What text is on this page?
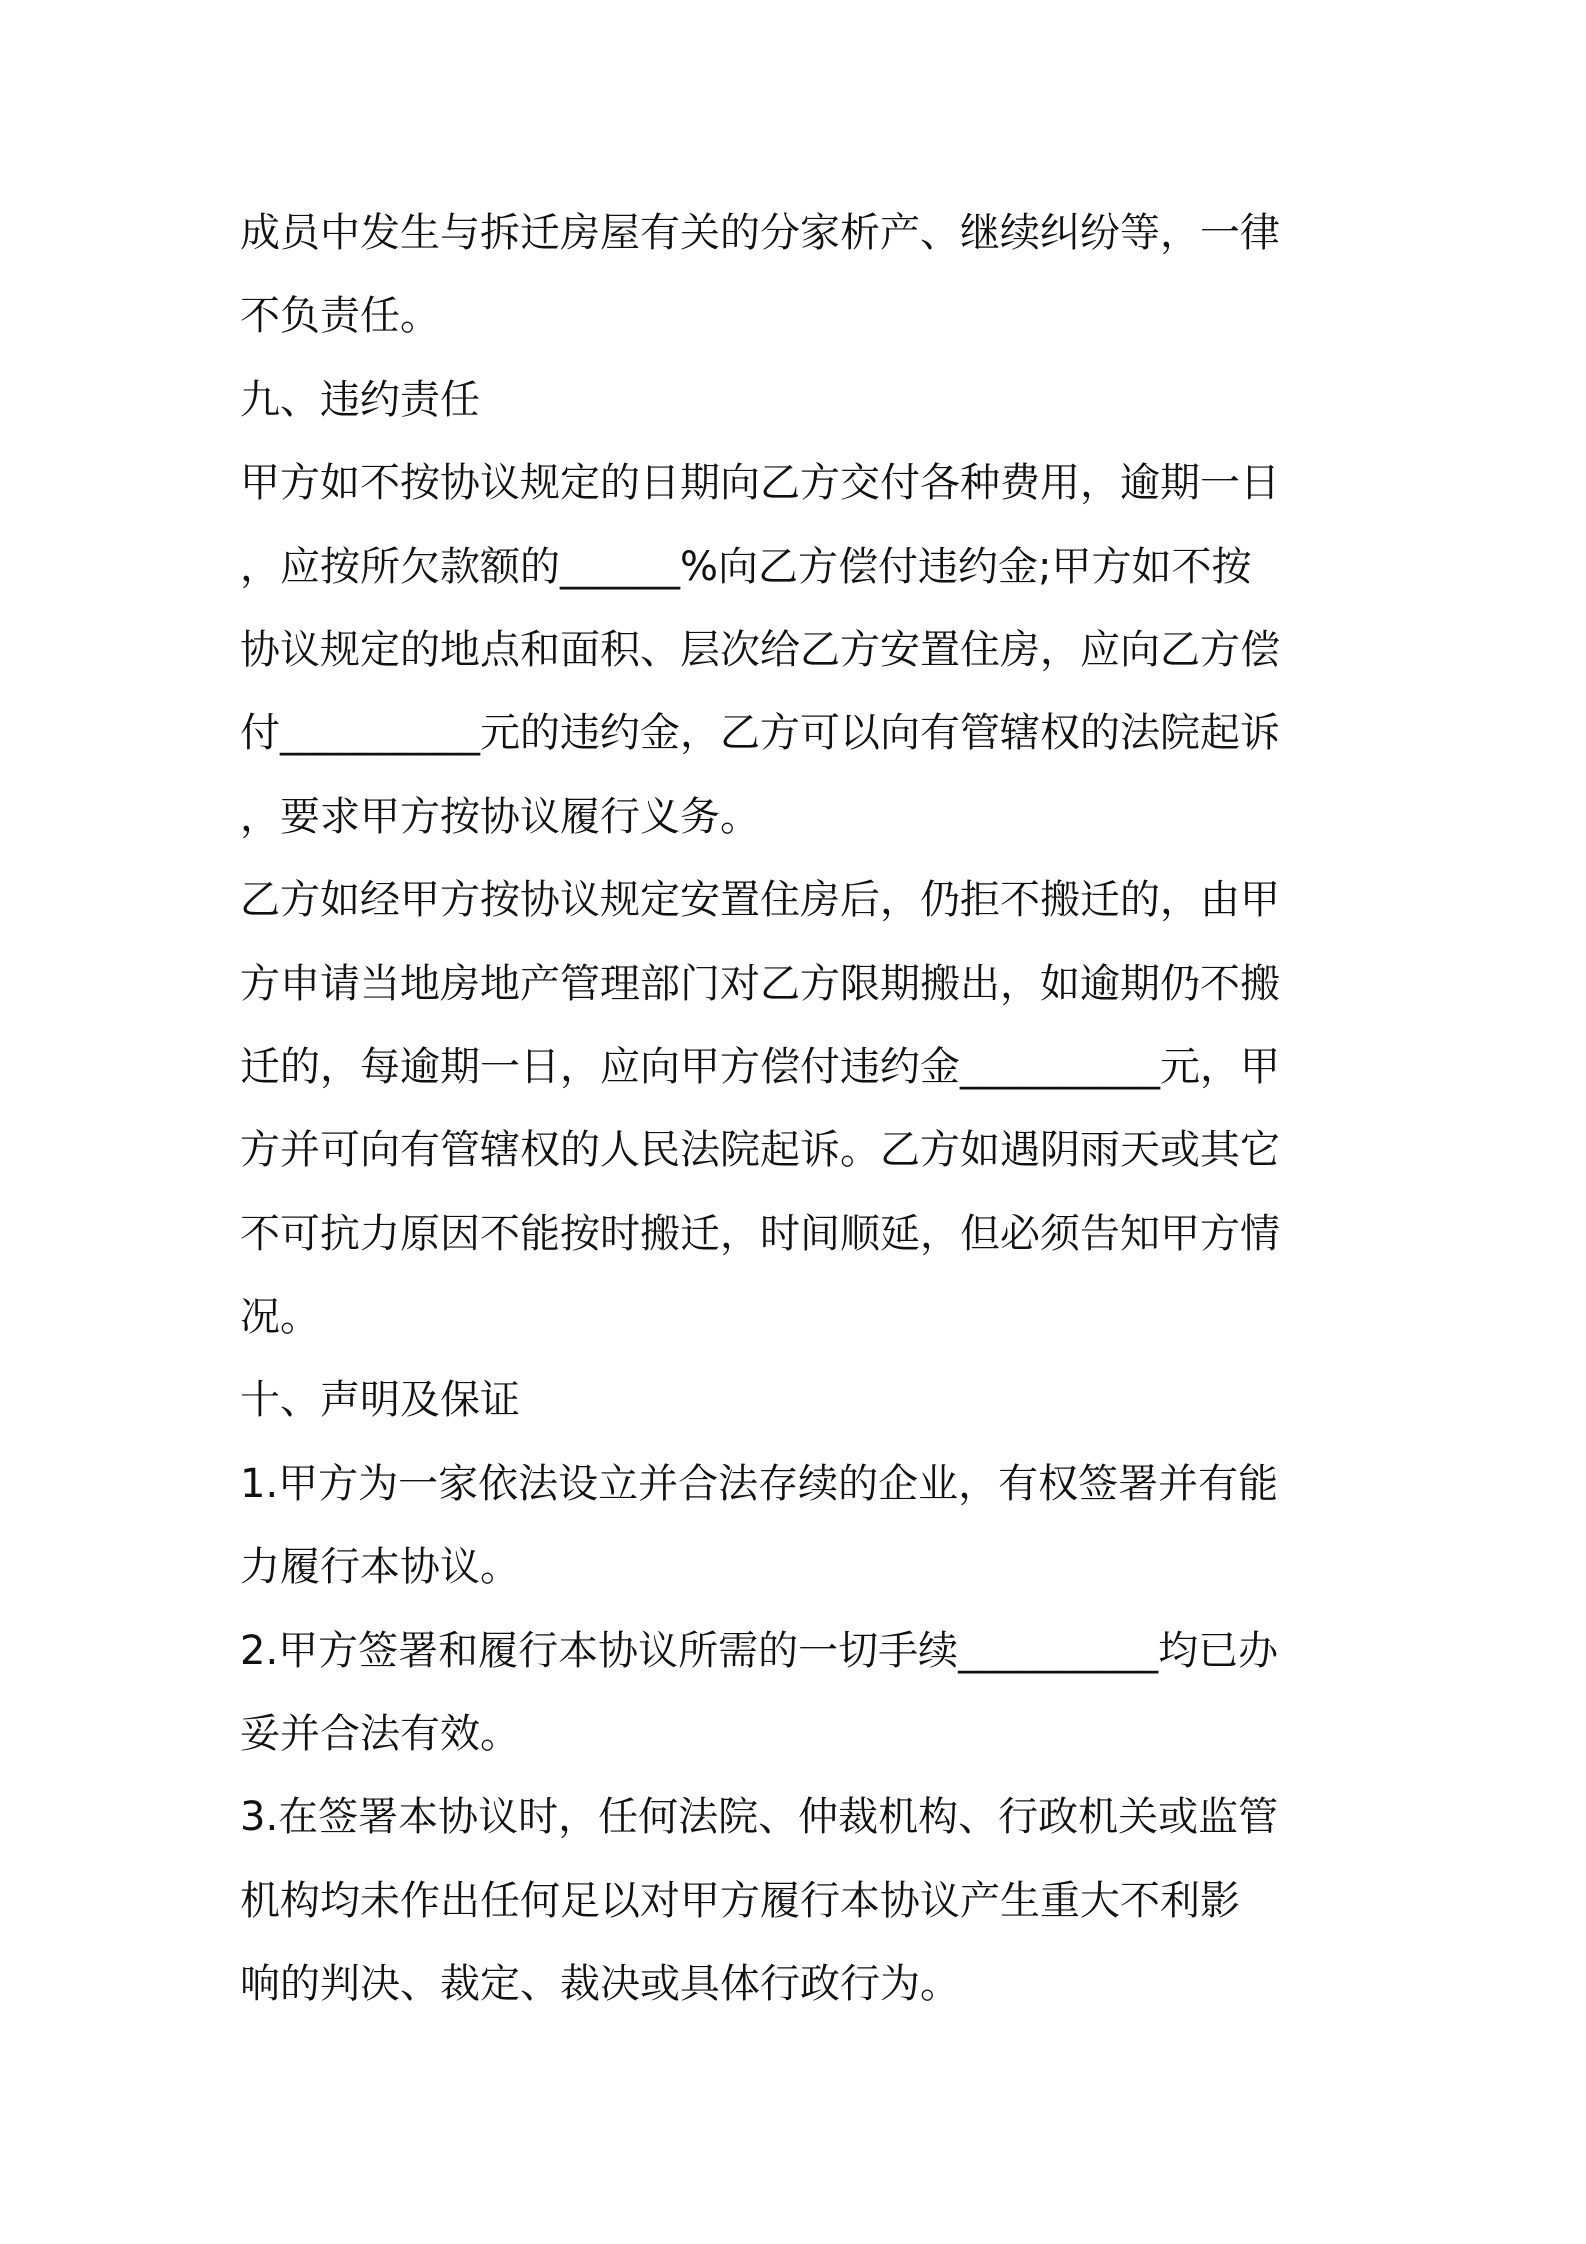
成员中发生与拆迁房屋有关的分家析产、继续纠纷等，一律
不负责任。
九、违约责任
甲方如不按协议规定的日期向乙方交付各种费用，逾期一日
，应按所欠款额的______%向乙方偿付违约金;甲方如不按
协议规定的地点和面积、层次给乙方安置住房，应向乙方偿
付__________元的违约金，乙方可以向有管辖权的法院起诉
，要求甲方按协议履行义务。
乙方如经甲方按协议规定安置住房后，仍拒不搬迁的，由甲
方申请当地房地产管理部门对乙方限期搬出，如逾期仍不搬
迁的，每逾期一日，应向甲方偿付违约金__________元，甲
方并可向有管辖权的人民法院起诉。乙方如遇阴雨天或其它
不可抗力原因不能按时搬迁，时间顺延，但必须告知甲方情
况。
十、声明及保证
1.甲方为一家依法设立并合法存续的企业，有权签署并有能
力履行本协议。
2.甲方签署和履行本协议所需的一切手续__________均已办
妥并合法有效。
3.在签署本协议时，任何法院、仲裁机构、行政机关或监管
机构均未作出任何足以对甲方履行本协议产生重大不利影
响的判决、裁定、裁决或具体行政行为。
